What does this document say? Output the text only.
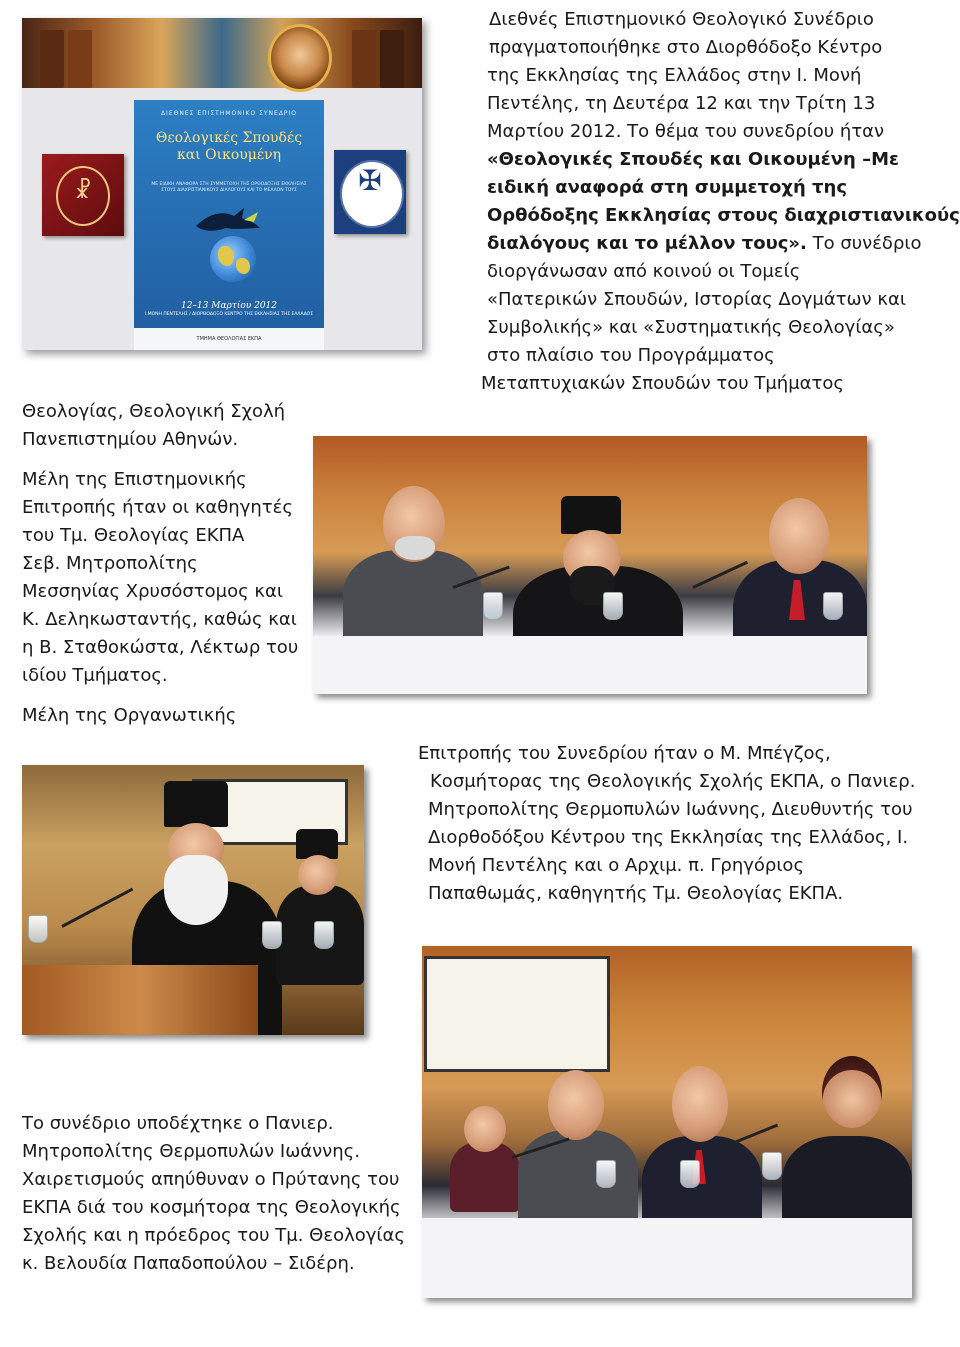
☧
ΔΙΕΘΝΕΣ ΕΠΙΣΤΗΜΟΝΙΚΟ ΣΥΝΕΔΡΙΟ
Θεολογικές Σπουδές
και Οικουμένη
ΜΕ ΕΙΔΙΚΗ ΑΝΑΦΟΡΑ ΣΤΗ ΣΥΜΜΕΤΟΧΗ ΤΗΣ ΟΡΘΟΔΟΞΗΣ ΕΚΚΛΗΣΙΑΣ ΣΤΟΥΣ ΔΙΑΧΡΙΣΤΙΑΝΙΚΟΥΣ ΔΙΑΛΟΓΟΥΣ ΚΑΙ ΤΟ ΜΕΛΛΟΝ ΤΟΥΣ
12–13 Μαρτίου 2012
Ι.ΜΟΝΗ ΠΕΝΤΕΛΗΣ / ΔΙΟΡΘΟΔΟΞΟ ΚΕΝΤΡΟ ΤΗΣ ΕΚΚΛΗΣΙΑΣ ΤΗΣ ΕΛΛΑΔΟΣ
ΤΜΗΜΑ ΘΕΟΛΟΓΙΑΣ ΕΚΠΑ
✠

Διεθνές Επιστημονικό Θεολογικό Συνέδριο

πραγματοποιήθηκε στο Διορθόδοξο Κέντρο

της Εκκλησίας της Ελλάδος στην Ι. Μονή

Πεντέλης, τη Δευτέρα 12 και την Τρίτη 13

Μαρτίου 2012. Το θέμα του συνεδρίου ήταν

«Θεολογικές Σπουδές και Οικουμένη –Με

ειδική αναφορά στη συμμετοχή της

Ορθόδοξης Εκκλησίας στους διαχριστιανικούς

διαλόγους και το μέλλον τους». Το συνέδριο

διοργάνωσαν από κοινού οι Τομείς

«Πατερικών Σπουδών, Ιστορίας Δογμάτων και

Συμβολικής» και «Συστηματικής Θεολογίας»

στο πλαίσιο του Προγράμματος

Μεταπτυχιακών Σπουδών του Τμήματος

Θεολογίας, Θεολογική Σχολή

Πανεπιστημίου Αθηνών.

Μέλη της Επιστημονικής

Επιτροπής ήταν οι καθηγητές

του Τμ. Θεολογίας ΕΚΠΑ

Σεβ. Μητροπολίτης

Μεσσηνίας Χρυσόστομος και

Κ. Δεληκωσταντής, καθώς και

η Β. Σταθοκώστα, Λέκτωρ του

ιδίου Τμήματος.

Μέλη της Οργανωτικής

Επιτροπής του Συνεδρίου ήταν ο Μ. Μπέγζος,

Κοσμήτορας της Θεολογικής Σχολής ΕΚΠΑ, ο Πανιερ.

Μητροπολίτης Θερμοπυλών Ιωάννης, Διευθυντής του

Διορθοδόξου Κέντρου της Εκκλησίας της Ελλάδος, Ι.

Μονή Πεντέλης και ο Αρχιμ. π. Γρηγόριος

Παπαθωμάς, καθηγητής Τμ. Θεολογίας ΕΚΠΑ.

Το συνέδριο υποδέχτηκε ο Πανιερ.

Μητροπολίτης Θερμοπυλών Ιωάννης.

Χαιρετισμούς απηύθυναν ο Πρύτανης του

ΕΚΠΑ διά του κοσμήτορα της Θεολογικής

Σχολής και η πρόεδρος του Τμ. Θεολογίας

κ. Βελουδία Παπαδοπούλου – Σιδέρη.
